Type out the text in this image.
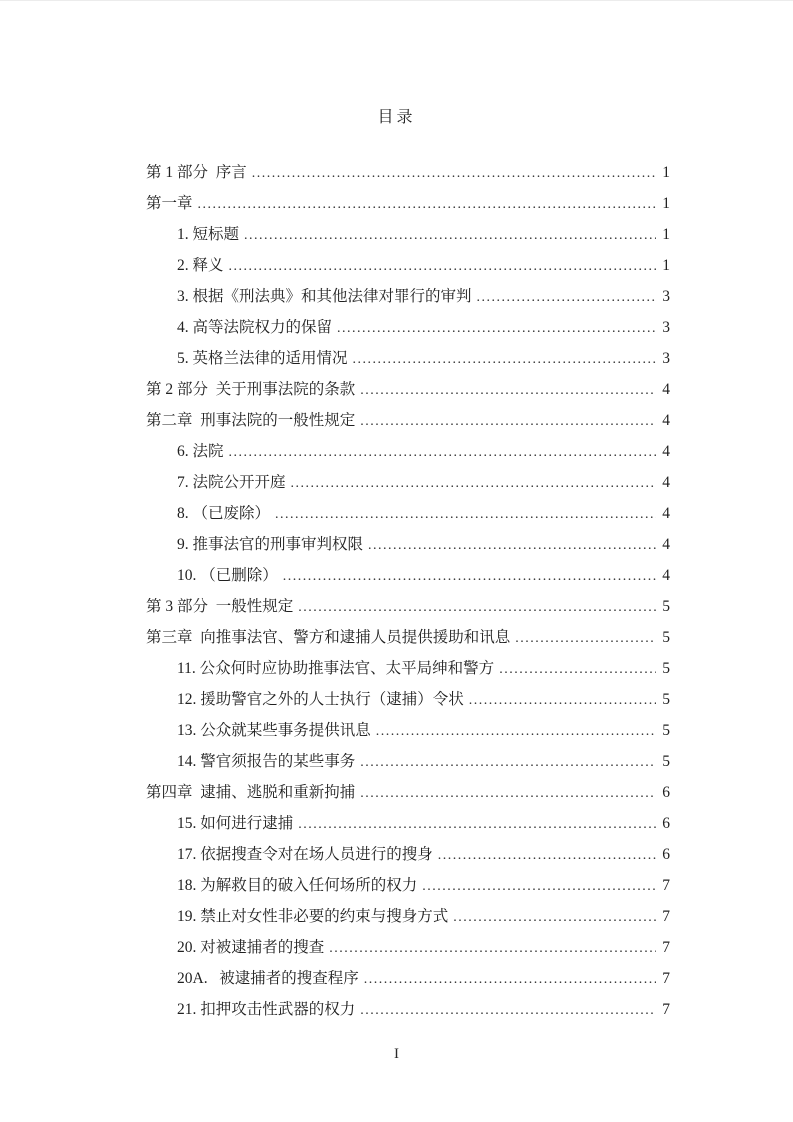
目录
第 1 部分  序言 .....	1
第一章 .....	1
1. 短标题 .....	1
2. 释义 .....	1
3. 根据《刑法典》和其他法律对罪行的审判 .....	3
4. 高等法院权力的保留 .....	3
5. 英格兰法律的适用情况 .....	3
第 2 部分  关于刑事法院的条款 .....	4
第二章  刑事法院的一般性规定 .....	4
6. 法院 .....	4
7. 法院公开开庭 .....	4
8. （已废除） .....	4
9. 推事法官的刑事审判权限 .....	4
10. （已删除） .....	4
第 3 部分  一般性规定 .....	5
第三章  向推事法官、警方和逮捕人员提供援助和讯息 .....	5
11. 公众何时应协助推事法官、太平局绅和警方 .....	5
12. 援助警官之外的人士执行（逮捕）令状 .....	5
13. 公众就某些事务提供讯息 .....	5
14. 警官须报告的某些事务 .....	5
第四章  逮捕、逃脱和重新拘捕 .....	6
15. 如何进行逮捕 .....	6
17. 依据搜查令对在场人员进行的搜身 .....	6
18. 为解救目的破入任何场所的权力 .....	7
19. 禁止对女性非必要的约束与搜身方式 .....	7
20. 对被逮捕者的搜查 .....	7
20A.   被逮捕者的搜查程序 .....	7
21. 扣押攻击性武器的权力 .....	7
I
